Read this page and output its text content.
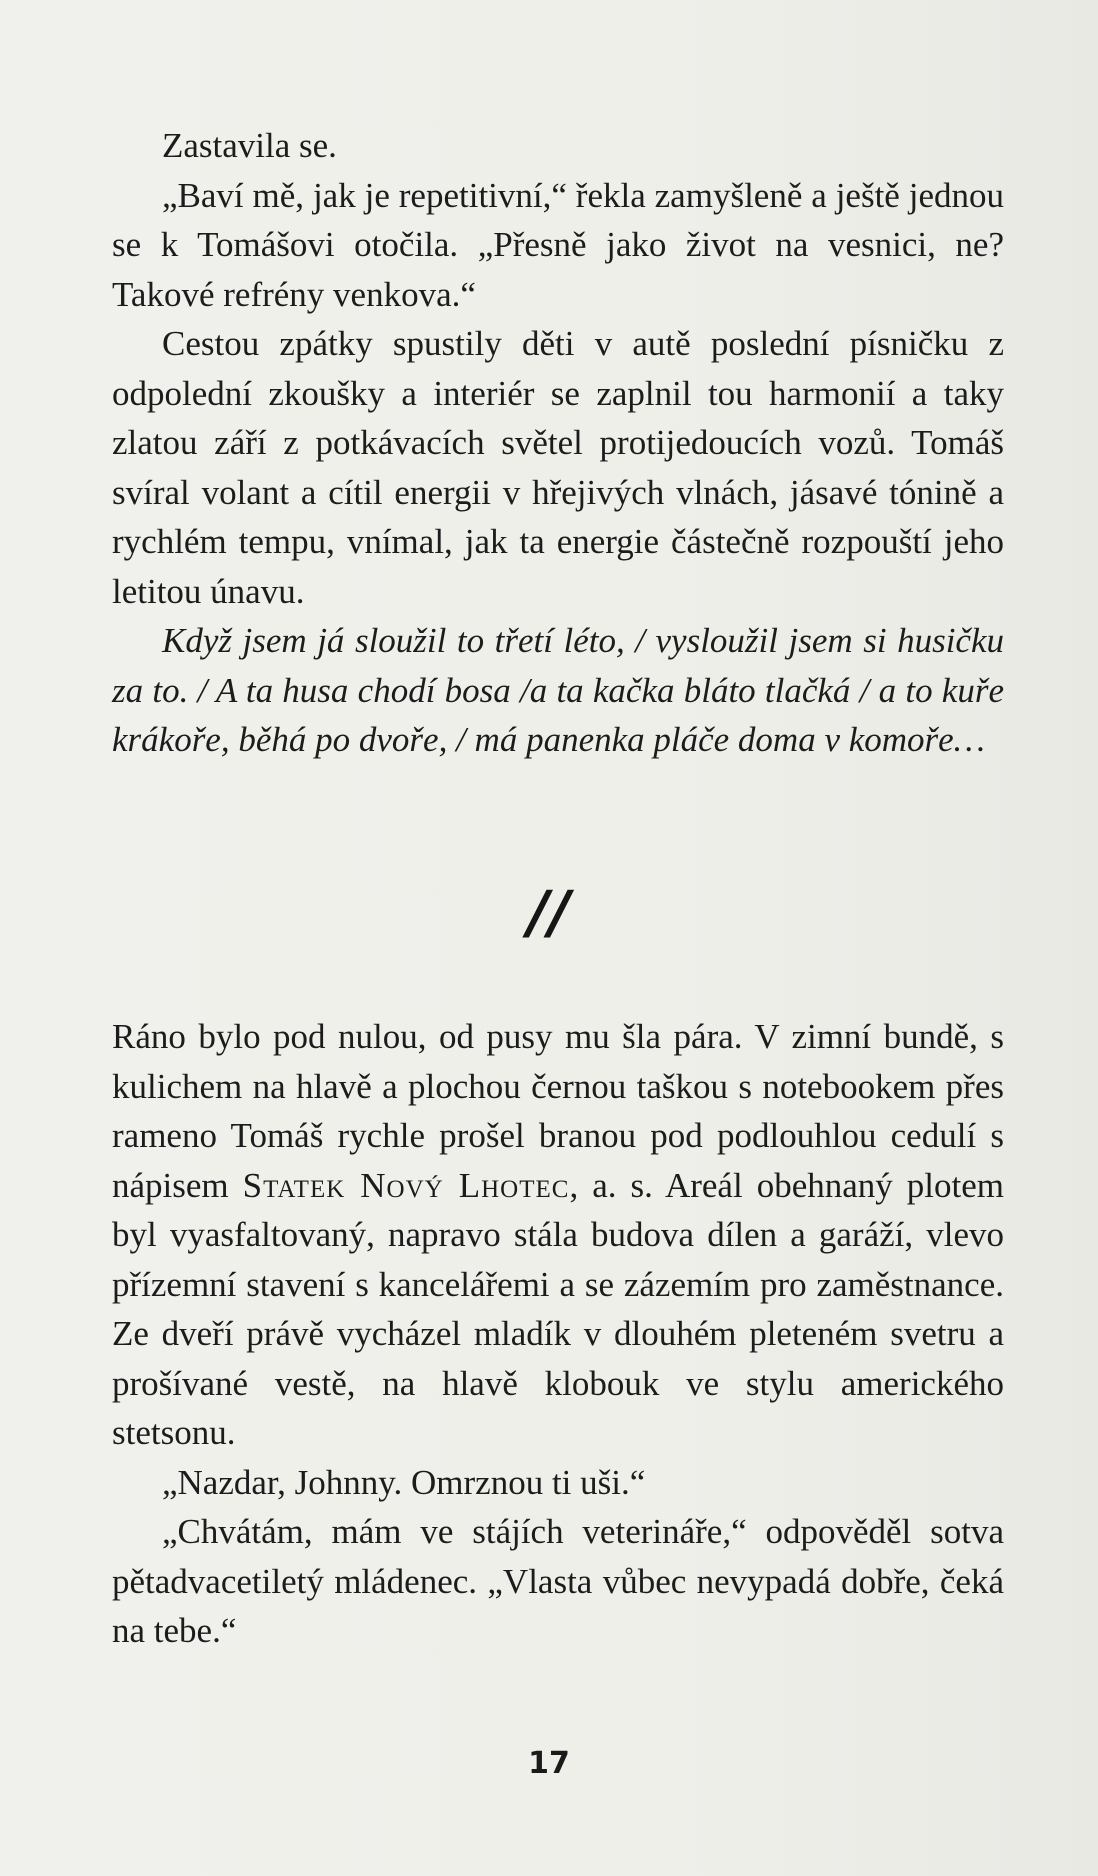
Zastavila se.

„Baví mě, jak je repetitivní,“ řekla zamyšleně a ještě jednou se k Tomášovi otočila. „Přesně jako život na vesnici, ne? Takové refrény venkova.“

Cestou zpátky spustily děti v autě poslední písničku z odpolední zkoušky a interiér se zaplnil tou harmonií a taky zlatou září z potkávacích světel protijedoucích vozů. Tomáš svíral volant a cítil energii v hřejivých vlnách, jásavé tónině a rychlém tempu, vnímal, jak ta energie částečně rozpouští jeho letitou únavu.

Když jsem já sloužil to třetí léto, / vysloužil jsem si husičku za to. / A ta husa chodí bosa /a ta kačka bláto tlačká / a to kuře krákoře, běhá po dvoře, / má panenka pláče doma v komoře…

//

Ráno bylo pod nulou, od pusy mu šla pára. V zimní bundě, s kulichem na hlavě a plochou černou taškou s notebookem přes rameno Tomáš rychle prošel branou pod podlouhlou cedulí s nápisem Statek Nový Lhotec, a. s. Areál obehnaný plotem byl vyasfaltovaný, napravo stála budova dílen a garáží, vlevo přízemní stavení s kancelářemi a se zázemím pro zaměstnance. Ze dveří právě vycházel mladík v dlouhém pleteném svetru a prošívané vestě, na hlavě klobouk ve stylu amerického stetsonu.

„Nazdar, Johnny. Omrznou ti uši.“

„Chvátám, mám ve stájích veterináře,“ odpověděl sotva pětadvacetiletý mládenec. „Vlasta vůbec nevypadá dobře, čeká na tebe.“

17
